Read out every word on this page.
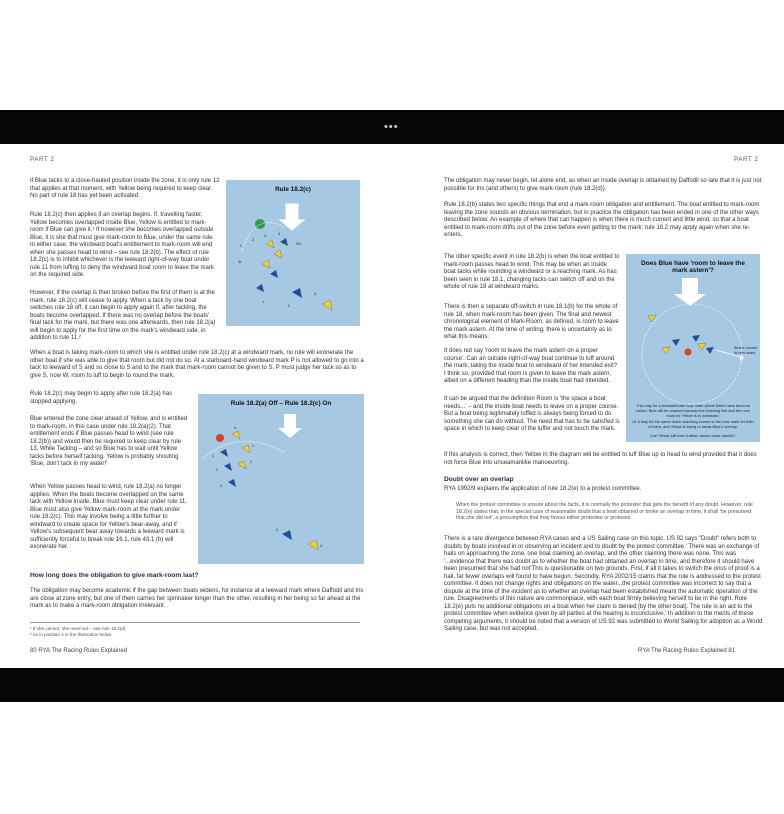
•••
PART 2

If Blue tacks to a close-hauled position inside the zone, it is only rule 12 that applies at that moment, with Yellow being required to keep clear. No part of rule 18 has yet been activated.

Rule 18.2(c) then applies if an overlap begins. If, travelling faster, Yellow becomes overlapped inside Blue, Yellow is entitled to mark-room if Blue can give it.¹ If however she becomes overlapped outside Blue, it is she that must give mark-room to Blue, under the same rule. In either case, the windward boat's entitlement to mark-room will end when she passes head to wind – see rule 18.2(b). The effect of rule 18.2(c) is to inhibit whichever is the leeward right-of-way boat under rule 11 from luffing to deny the windward boat room to leave the mark on the required side.

However, if the overlap is then broken before the first of them is at the mark, rule 18.2(c) will cease to apply. When a tack by one boat switches rule 18 off, it can begin to apply again if, after tacking, the boats become overlapped. If there was no overlap before the boats' final tack for the mark, but there was one afterwards, then rule 18.2(a) will begin to apply for the first time on the mark's windward side, in addition to rule 11.²

Rule 18.2(c)
ZH
3L
1
2
3	4
1
2
3

When a boat is taking mark-room to which she is entitled under rule 18.2(c) at a windward mark, no rule will exonerate the other boat if she was able to give that room but did not do so. At a starboard-hand windward mark P is not allowed to go into a tack to leeward of S and so close to S and to the mark that mark-room cannot be given to S. P must judge her tack so as to give S, now W, room to luff to begin to round the mark.

Rule 18.2(c) may begin to apply after rule 18.2(a) has stopped applying.

Blue entered the zone clear ahead of Yellow, and is entitled to mark-room, in this case under rule 18.2(a)(2). That entitlement ends if Blue passes head to wind (see rule 18.2(b)) and would then be required to keep clear by rule 13, While Tacking – and so Blue has to wait until Yellow tacks before herself tacking. Yellow is probably shouting 'Blue, don't tack in my water!'

When Yellow passes head to wind, rule 18.2(a) no longer applies. When the boats become overlapped on the same tack with Yellow inside, Blue must keep clear under rule 11. Blue must also give Yellow mark-room at the mark under rule 18.2(c). This may involve being a little further to windward to create space for Yellow's bear-away, and if Yellow's subsequent bear away towards a leeward mark is sufficiently forceful to break rule 16.1, rule 43.1 (b) will exonerate her.

Rule 18.2(a) Off – Rule 18.2(c) On
1
2
3
4
1
2
3
4

How long does the obligation to give mark-room last?

The obligation may become academic if the gap between boats widens, for instance at a leeward mark where Daffodil and Iris are close at zone entry, but one of them carries her spinnaker longer than the other, resulting in her being so far ahead at the mark as to make a mark-room obligation irrelevant.

¹ If she cannot, she need not – see rule 18.2(d)
² As in position 4 in the illustration below
80 RYA The Racing Rules Explained
PART 2

The obligation may never begin, let alone end, as when an inside overlap is obtained by Daffodil so late that it is just not possible for Iris (and others) to give mark-room (rule 18.2(d)).

Rule 18.2(b) states two specific things that end a mark-room obligation and entitlement. The boat entitled to mark-room leaving the zone sounds an obvious termination, but in practice the obligation has been ended in one of the other ways described below. An example of where that can happen is when there is much current and little wind, so that a boat entitled to mark-room drifts out of the zone before even getting to the mark: rule 18.2 may apply again when she re-enters.

The other specific event in rule 18.2(b) is when the boat entitled to mark-room passes head to wind. This may be when an inside boat tacks while rounding a windward or a reaching mark. As has been seen in rule 18.1, changing tacks can switch off and on the whole of rule 18 at windward marks.

There is then a separate off-switch in rule 18.1(b) for the whole of rule 18, when mark-room has been given. The final and newest chronological element of Mark-Room, as defined, is room to leave the mark astern. At the time of writing, there is uncertainty as to what this means.

It does not say 'room to leave the mark astern on a proper course'. Can an outside right-of-way boat continue to luff around the mark, taking the inside boat to windward of her intended exit? I think so, provided that room is given to leave the mark astern, albeit on a different heading than the inside boat had intended.

It can be argued that the definition Room is 'the space a boat needs...' – and the inside boat needs to leave on a proper course. But a boat being legitimately luffed is always being forced to do something she can do without. The need that has to be satisfied is space in which to keep clear of the luffer and not touch the mark.

Does Blue have 'room to leave the mark astern'?
Blue's course to next mark
This may be a leeward/outer loop mark where fleets have become mixed. Blue will be reached towards the finishing line and the next mark for Yellow is to windward.
Or it may be the same reach-reaching course to the next mark for both of them, and Yellow is trying to break Blue's overlap.
Can Yellow luff even further, above close-hauled?

If this analysis is correct, then Yellow in the diagram will be entitled to luff Blue up to head to wind provided that it does not force Blue into unseamanlike manoeuvring.

Doubt over an overlap

RYA 1992/9 explains the application of rule 18.2(e) to a protest committee.

When the protest committee is unsure about the facts, it is normally the protester that gets the benefit of any doubt. However, rule 18.2(e) states that, in the special case of reasonable doubt that a boat obtained or broke an overlap in time, it shall 'be presumed that she did not', a presumption that may favour either protestee or protestor.

There is a rare divergence between RYA cases and a US Sailing case on this topic. US 92 says "Doubt" refers both to doubts by boats involved in or observing an incident and to doubt by the protest committee.' There was an exchange of hails on approaching the zone, one boat claiming an overlap, and the other claiming there was none. This was '...evidence that there was doubt as to whether the boat had obtained an overlap in time, and therefore it should have been presumed that she had not'This is questionable on two grounds. First, if all it takes to switch the onus of proof is a hail, far fewer overlaps will found to have begun. Secondly, RYA 2002/15 claims that the rule is addressed to the protest committee. It does not change rights and obligations on the water...the protest committee was incorrect to say that a dispute at the time of the incident as to whether an overlap had been established meant the automatic operation of the rule. Disagreements of this nature are commonplace, with each boat firmly believing herself to be in the right. Rule 18.2(e) puts no additional obligations on a boat when her claim is denied [by the other boat]. The rule is an aid to the protest committee when evidence given by all parties at the hearing is inconclusive.' In addition to the merits of these competing arguments, it should be noted that a version of US 92 was submitted to World Sailing for adoption as a World Sailing case, but was not accepted.

RYA The Racing Rules Explained 81
